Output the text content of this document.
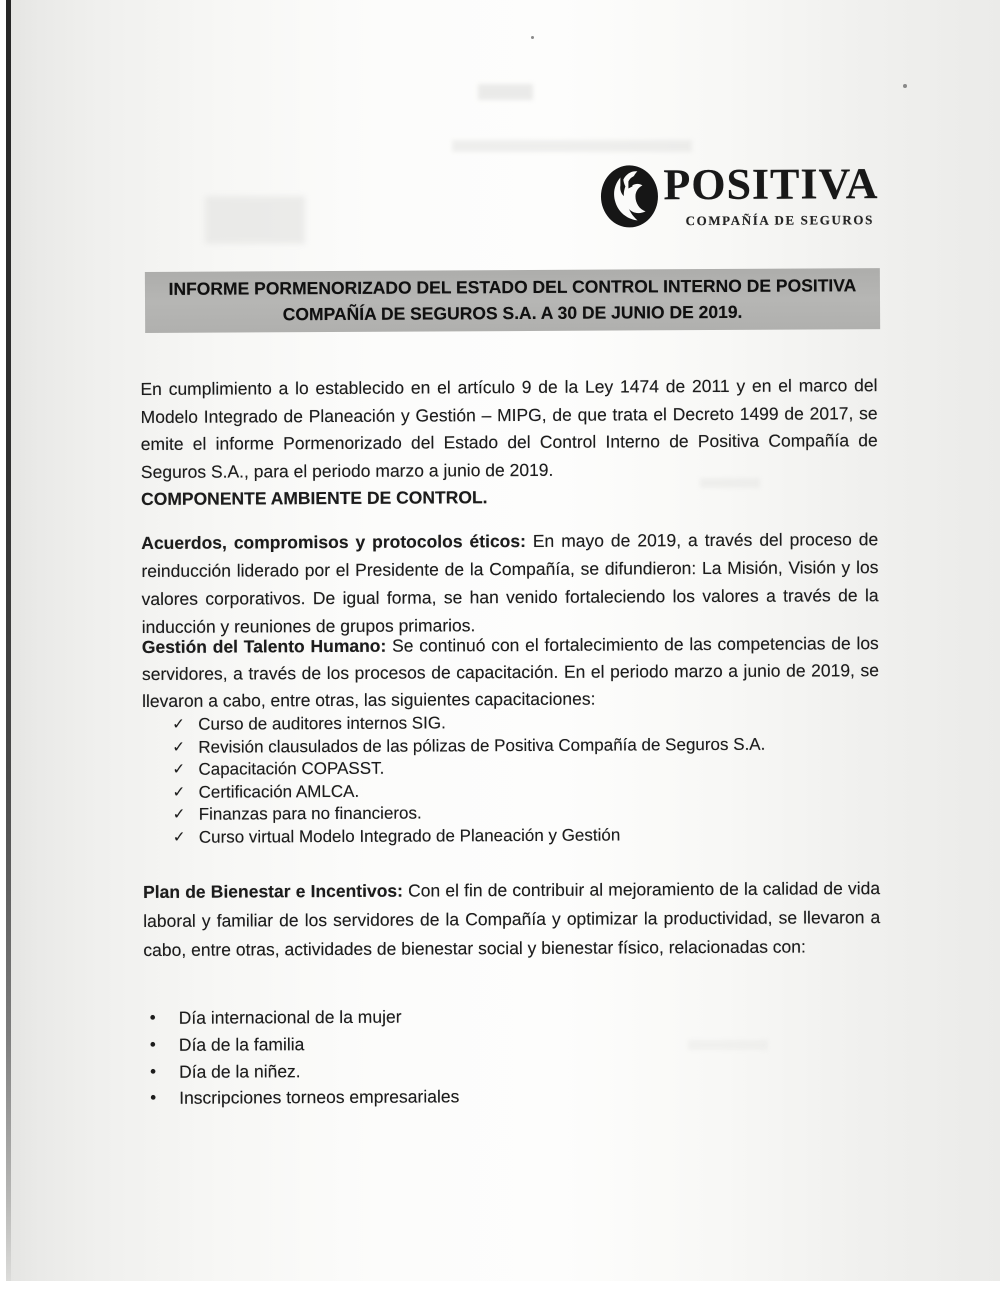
POSITIVA
COMPAÑÍA DE SEGUROS
INFORME PORMENORIZADO DEL ESTADO DEL CONTROL INTERNO DE POSITIVA
COMPAÑÍA DE SEGUROS S.A. A 30 DE JUNIO DE 2019.

En cumplimiento a lo establecido en el artículo 9 de la Ley 1474 de 2011 y en el marco del Modelo Integrado de Planeación y Gestión – MIPG, de que trata el Decreto 1499 de 2017, se emite el informe Pormenorizado del Estado del Control Interno de Positiva Compañía de Seguros S.A., para el periodo marzo a junio de 2019.

COMPONENTE AMBIENTE DE CONTROL.

Acuerdos, compromisos y protocolos éticos: En mayo de 2019, a través del proceso de reinducción liderado por el Presidente de la Compañía, se difundieron: La Misión, Visión y los valores corporativos. De igual forma, se han venido fortaleciendo los valores a través de la inducción y reuniones de grupos primarios.

Gestión del Talento Humano: Se continuó con el fortalecimiento de las competencias de los servidores, a través de los procesos de capacitación. En el periodo marzo a junio de 2019, se llevaron a cabo, entre otras, las siguientes capacitaciones:

✓ Curso de auditores internos SIG.
✓ Revisión clausulados de las pólizas de Positiva Compañía de Seguros S.A.
✓ Capacitación COPASST.
✓ Certificación AMLCA.
✓ Finanzas para no financieros.
✓ Curso virtual Modelo Integrado de Planeación y Gestión

Plan de Bienestar e Incentivos: Con el fin de contribuir al mejoramiento de la calidad de vida laboral y familiar de los servidores de la Compañía y optimizar la productividad, se llevaron a cabo, entre otras, actividades de bienestar social y bienestar físico, relacionadas con:

•	Día internacional de la mujer
•	Día de la familia
•	Día de la niñez.
•	Inscripciones torneos empresariales
